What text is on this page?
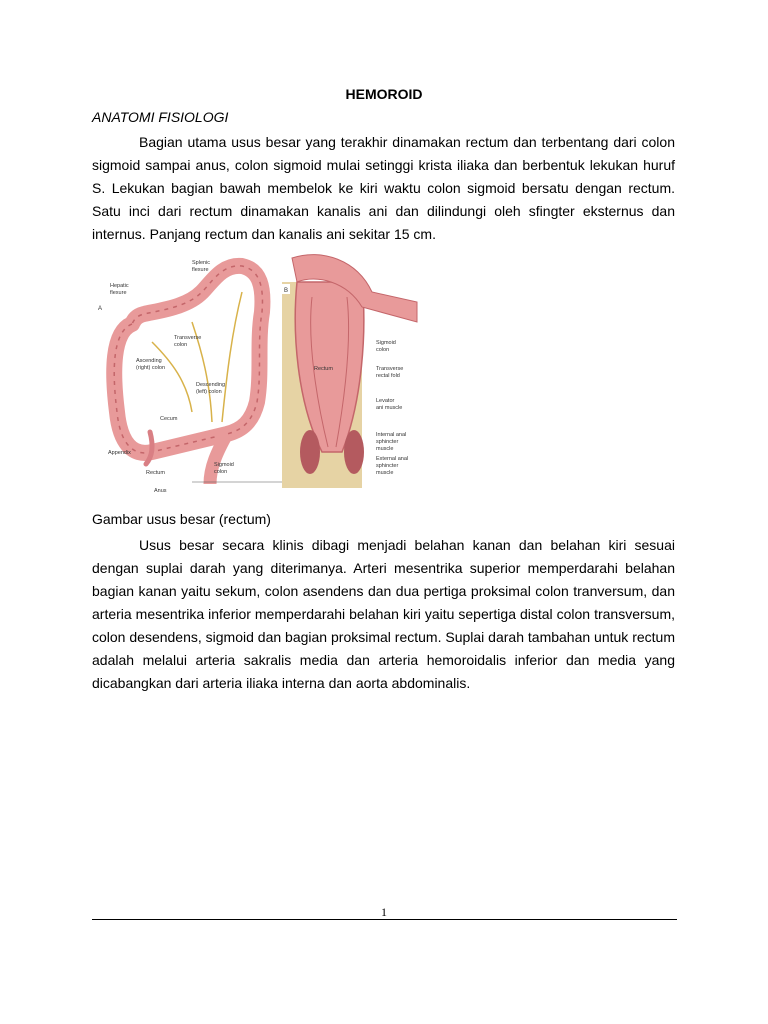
HEMOROID
ANATOMI FISIOLOGI

Bagian utama usus besar yang terakhir dinamakan rectum dan terbentang dari colon sigmoid sampai anus, colon sigmoid mulai setinggi krista iliaka dan berbentuk lekukan huruf S. Lekukan bagian bawah membelok ke kiri waktu colon sigmoid bersatu dengan rectum. Satu inci dari rectum dinamakan kanalis ani dan dilindungi oleh sfingter eksternus dan internus. Panjang rectum dan kanalis ani sekitar 15 cm.

A
Splenic
flexure
Hepatic
flexure
Transverse
colon
Ascending
(right) colon
Descending
(left) colon
Cecum
Appendix
Rectum
Anus
Sigmoid
colon
B
Sigmoid
colon
Rectum	Transverse
rectal fold
Levator
ani muscle
Internal anal
sphincter
muscle
External anal
sphincter
muscle
Gambar usus besar (rectum)

Usus besar secara klinis dibagi menjadi belahan kanan dan belahan kiri sesuai dengan suplai darah yang diterimanya. Arteri mesentrika superior memperdarahi belahan bagian kanan yaitu sekum, colon asendens dan dua pertiga proksimal colon tranversum, dan arteria mesentrika inferior memperdarahi belahan kiri yaitu sepertiga distal colon transversum, colon desendens, sigmoid dan bagian proksimal rectum. Suplai darah tambahan untuk rectum adalah melalui arteria sakralis media dan arteria hemoroidalis inferior dan media yang dicabangkan dari arteria iliaka interna dan aorta abdominalis.

1
